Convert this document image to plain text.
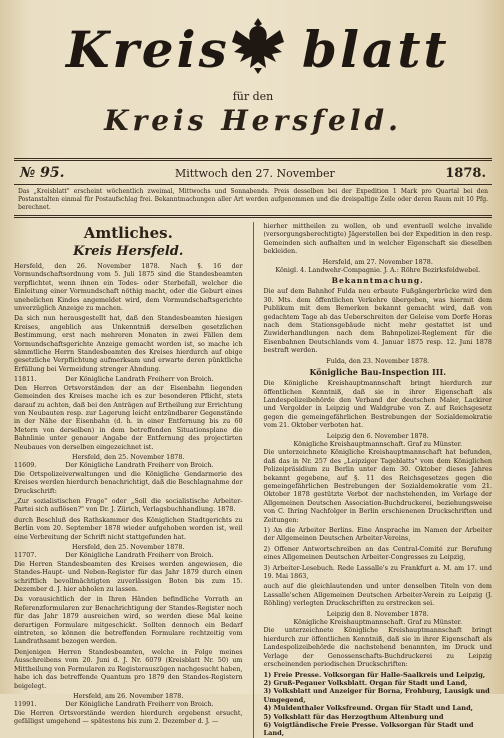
Kreis blatt
für den
Kreis Hersfeld.
№ 95.	Mittwoch den 27. November	1878.
Das „Kreisblatt" erscheint wöchentlich zweimal, Mittwochs und Sonnabends. Preis desselben bei der Expedition 1 Mark pro Quartal bei den Postanstalten einmal für Postaufschlag frei. Bekanntmachungen aller Art werden aufgenommen und die dreispaltige Zeile oder deren Raum mit 10 Pfg. berechnet.
Amtliches.
Kreis Hersfeld.

Hersfeld, den 26. November 1878. Nach §. 16 der Vormundschaftsordnung vom 5. Juli 1875 sind die Standesbeamten verpflichtet, wenn ihnen ein Todes- oder Sterbefall, welcher die Einleitung einer Vormundschaft nöthig macht, oder die Geburt eines unehelichen Kindes angemeldet wird, dem Vormundschaftsgerichte unverzüglich Anzeige zu machen.

Da sich nun herausgestellt hat, daß den Standesbeamten hiesigen Kreises, angeblich aus Unkenntniß derselben gesetzlichen Bestimmung, erst nach mehreren Monaten in zwei Fällen dem Vormundschaftsgerichte Anzeige gemacht worden ist, so mache ich sämmtliche Herrn Standesbeamten des Kreises hierdurch auf obige gesetzliche Verpflichtung aufmerksam und erwarte deren pünktliche Erfüllung bei Vermeidung strenger Ahndung.

11811.	Der Königliche Landrath Freiherr von Broich.

Den Herren Ortsvorständen der an der Eisenbahn liegenden Gemeinden des Kreises mache ich es zur besonderen Pflicht, stets darauf zu achten, daß bei den Anträgen auf Ertheilung zur Errichtung von Neubauten resp. zur Lagerung leicht entzündbarer Gegenstände in der Nähe der Eisenbahn (d. h. in einer Entfernung bis zu 60 Metern von derselben) in dem betreffenden Situationsplane die Bahnlinie unter genauer Angabe der Entfernung des projectirten Neubaues von derselben eingezeichnet ist.

Hersfeld, den 25. November 1878.
11609.	Der Königliche Landrath Freiherr von Broich.

Die Ortspolizeiverwaltungen und die Königliche Gendarmerie des Kreises werden hierdurch benachrichtigt, daß die Beschlagnahme der Druckschrift:

„Zur sozialistischen Frage" oder „Soll die socialistische Arbeiter-Partei sich auflösen?" von Dr. J. Zürich, Verlagsbuchhandlung. 1878.

durch Beschluß des Rathskammer des Königlichen Stadtgerichts zu Berlin vom 20. September 1878 wieder aufgehoben worden ist, weil eine Verbreitung der Schrift nicht stattgefunden hat.

Hersfeld, den 25. November 1878.
11707.	Der Königliche Landrath Freiherr von Broich.

Die Herren Standesbeamten des Kreises werden angewiesen, die Standes-Haupt- und Neben-Register für das Jahr 1879 durch einen schriftlich bevollmächtigten zuverlässigen Boten bis zum 15. Dezember d. J. hier abholen zu lassen.

Da vorausichtlich der in Ihren Händen befindliche Vorrath an Referenzformularen zur Benachrichtigung der Standes-Register noch für das Jahr 1879 ausreichen wird, so werden diese Mal keine derartigen Formulare mitgeschickt. Sollten dennoch ein Bedarf eintreten, so können die betreffenden Formulare rechtzeitig vom Landrathsamt bezogen werden.

Denjenigen Herren Standesbeamten, welche in Folge meines Ausschreibens vom 20. Juni d. J. Nr. 6079 (Kreisblatt Nr. 50) um Mittheilung von Formularen zu Registerauszügen nachgesucht haben, habe ich das betreffende Quantum pro 1879 den Standes-Registern beigelegt.

Hersfeld, am 26. November 1878.
11991.	Der Königliche Landrath Freiherr von Broich.

Die Herren Ortsvorstände werden hierdurch ergebenst ersucht, gefälligst umgehend — spätestens bis zum 2. Dezember d. J. —

hierher mittheilen zu wollen, ob und eventuell welche invalide (versorgungsberechtigte) Jägerstellen bei der Expedition in den resp. Gemeinden sich aufhalten und in welcher Eigenschaft sie dieselben bekleiden.

Hersfeld, am 27. November 1878.
Königl. 4. Landwehr-Compagnie. J. A.: Röhre Bezirksfeldwebel.
Bekanntmachung.

Die auf dem Bahnhof Fulda neu erbaute Fußgängerbrücke wird den 30. Mts. dem öffentlichen Verkehre übergeben, was hiermit dem Publikum mit dem Bemerken bekannt gemacht wird, daß von gedachtem Tage ab das Ueberschreiten der Geleise vom Dorfe Horas nach dem Stationsgebäude nicht mehr gestattet ist und Zuwiderhandlungen nach dem Bahnpolizei-Reglement für die Eisenbahnen Deutschlands vom 4. Januar 1875 resp. 12. Juni 1878 bestraft werden.

Fulda, den 23. November 1878.
Königliche Bau-Inspection III.

Die Königliche Kreishauptmannschaft bringt hierdurch zur öffentlichen Kenntniß, daß sie in ihrer Eigenschaft als Landespolizeibehörde den Verband der deutschen Maler, Lackirer und Vergolder in Leipzig und Waldgrube von Z. auf Reichsgesetz gegen die gemeingefährlichen Bestrebungen der Sozialdemokratie vom 21. Oktober verboten hat.

Leipzig den 6. November 1878.
Königliche Kreishauptmannschaft. Graf zu Münster.

Die unterzeichnete Königliche Kreishauptmannschaft hat befunden, daß das in Nr. 257 des „Leipziger Tageblatts" vom dem Königlichen Polizeipräsidium zu Berlin unter dem 30. Oktober dieses Jahres bekannt gegebene, auf §. 11 des Reichsgesetzes gegen die gemeingefährlichen Bestrebungen der Sozialdemokratie vom 21. Oktober 1878 gestützte Verbot der nachstehenden, im Verlage der Allgemeinen Deutschen Association-Buchdruckerei, beziehungsweise von C. Ihring Nachfolger in Berlin erschienenen Druckschriften und Zeitungen:

1) An die Arbeiter Berlins. Eine Ansprache im Namen der Arbeiter der Allgemeinen Deutschen Arbeiter-Vereins,

2) Offener Antwortschreiben an das Central-Comité zur Berufung eines Allgemeinen Deutschen Arbeiter-Congresses zu Leipzig,

3) Arbeiter-Lesebuch. Rede Lassalle's zu Frankfurt a. M. am 17. und 19. Mai 1863,

auch auf die gleichlautenden und unter denselben Titeln von dem Lassalle'schen Allgemeinen Deutschen Arbeiter-Verein zu Leipzig (J. Röhling) verlegten Druckschriften zu erstrecken sei.

Leipzig den 8. November 1878.
Königliche Kreishauptmannschaft. Graf zu Münster.

Die unterzeichnete Königliche Kreishauptmannschaft bringt hierdurch zur öffentlichen Kenntniß, daß sie in ihrer Eigenschaft als Landespolizeibehörde die nachstehend benannten, im Druck und Verlage der Genossenschafts-Buchdruckerei zu Leipzig erscheinenden periodischen Druckschriften:

1) Freie Presse. Volksorgan für Halle-Saalkreis und Leipzig,
2) Gruß-Pegauer Volksblatt. Organ für Stadt und Land,
3) Volksblatt und Anzeiger für Borna, Frohburg, Lausigk und Umgegend,
4) Muldenthaler Volksfreund. Organ für Stadt und Land,
5) Volksblatt für das Herzogthum Altenburg und
6) Voigtländische Freie Presse. Volksorgan für Stadt und Land,
